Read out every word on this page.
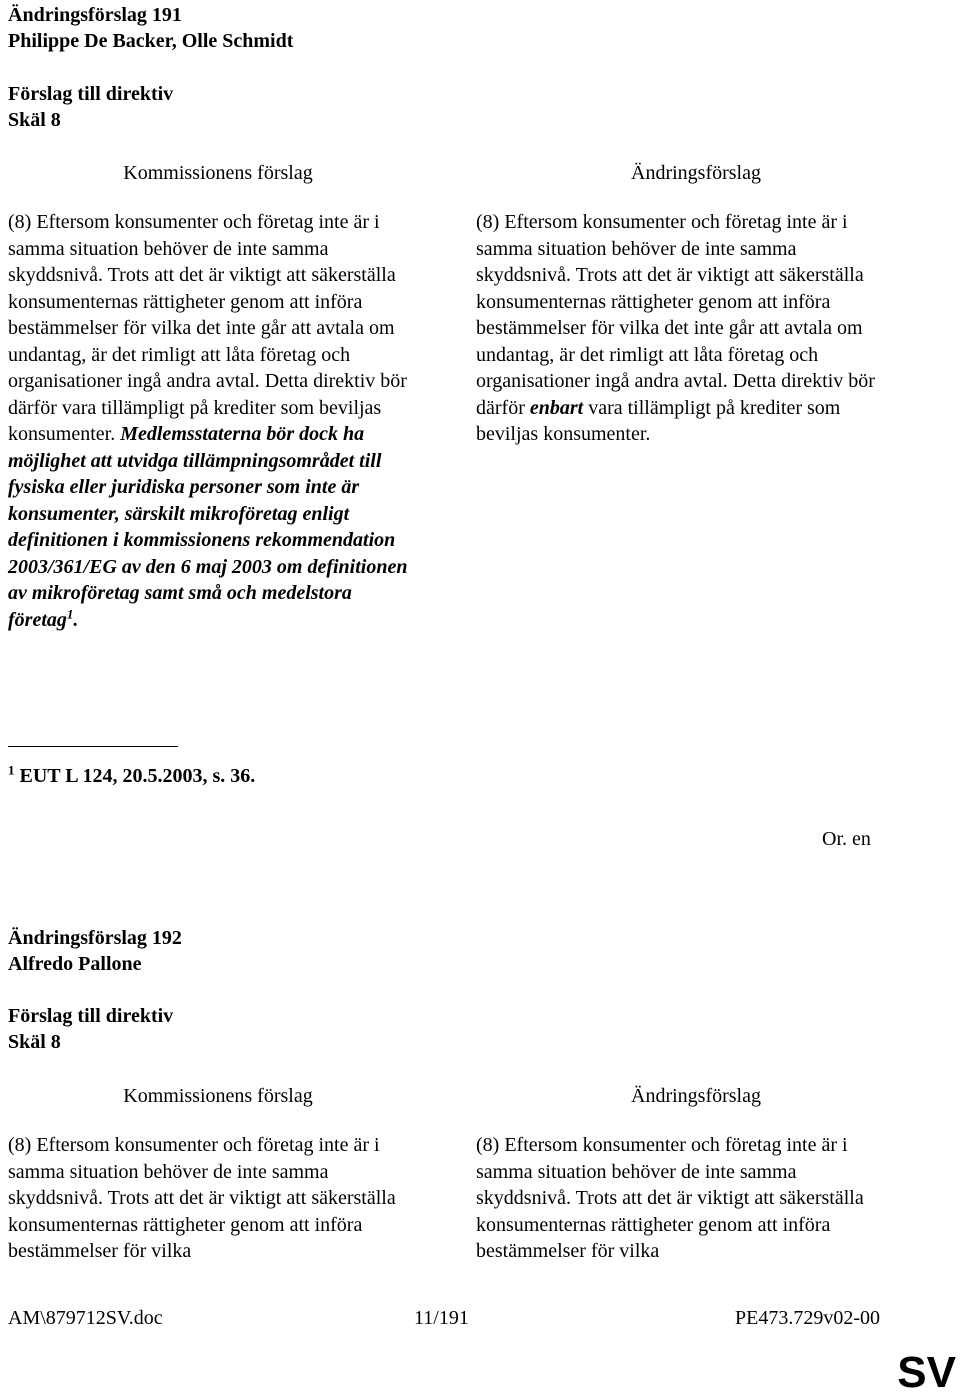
Ändringsförslag 191
Philippe De Backer, Olle Schmidt
Förslag till direktiv
Skäl 8
Kommissionens förslag	Ändringsförslag

(8) Eftersom konsumenter och företag inte är i samma situation behöver de inte samma skyddsnivå. Trots att det är viktigt att säkerställa konsumenternas rättigheter genom att införa bestämmelser för vilka det inte går att avtala om undantag, är det rimligt att låta företag och organisationer ingå andra avtal. Detta direktiv bör därför vara tillämpligt på krediter som beviljas konsumenter. Medlemsstaterna bör dock ha möjlighet att utvidga tillämpningsområdet till fysiska eller juridiska personer som inte är konsumenter, särskilt mikroföretag enligt definitionen i kommissionens rekommendation 2003/361/EG av den 6 maj 2003 om definitionen av mikroföretag samt små och medelstora företag$^1$.

(8) Eftersom konsumenter och företag inte är i samma situation behöver de inte samma skyddsnivå. Trots att det är viktigt att säkerställa konsumenternas rättigheter genom att införa bestämmelser för vilka det inte går att avtala om undantag, är det rimligt att låta företag och organisationer ingå andra avtal. Detta direktiv bör därför enbart vara tillämpligt på krediter som beviljas konsumenter.

$^1$ EUT L 124, 20.5.2003, s. 36.
Or. en
Ändringsförslag 192
Alfredo Pallone
Förslag till direktiv
Skäl 8
Kommissionens förslag	Ändringsförslag

(8) Eftersom konsumenter och företag inte är i samma situation behöver de inte samma skyddsnivå. Trots att det är viktigt att säkerställa konsumenternas rättigheter genom att införa bestämmelser för vilka

(8) Eftersom konsumenter och företag inte är i samma situation behöver de inte samma skyddsnivå. Trots att det är viktigt att säkerställa konsumenternas rättigheter genom att införa bestämmelser för vilka

AM\879712SV.doc	11/191	PE473.729v02-00
SV
